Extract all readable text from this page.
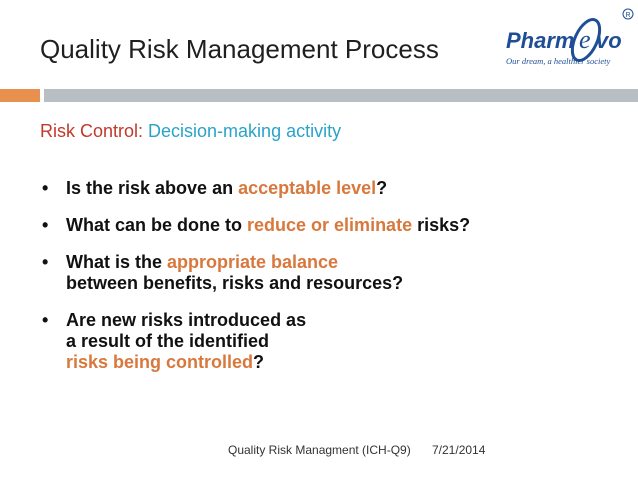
Quality Risk Management Process	Pharm e vo
R
Our dream, a healthier society
Risk Control: Decision-making activity
• Is the risk above an acceptable level?
• What can be done to reduce or eliminate risks?
• What is the appropriate balance
between benefits, risks and resources?
• Are new risks introduced as
a result of the identified
risks being controlled?
Quality Risk Managment (ICH-Q9) 7/21/2014
